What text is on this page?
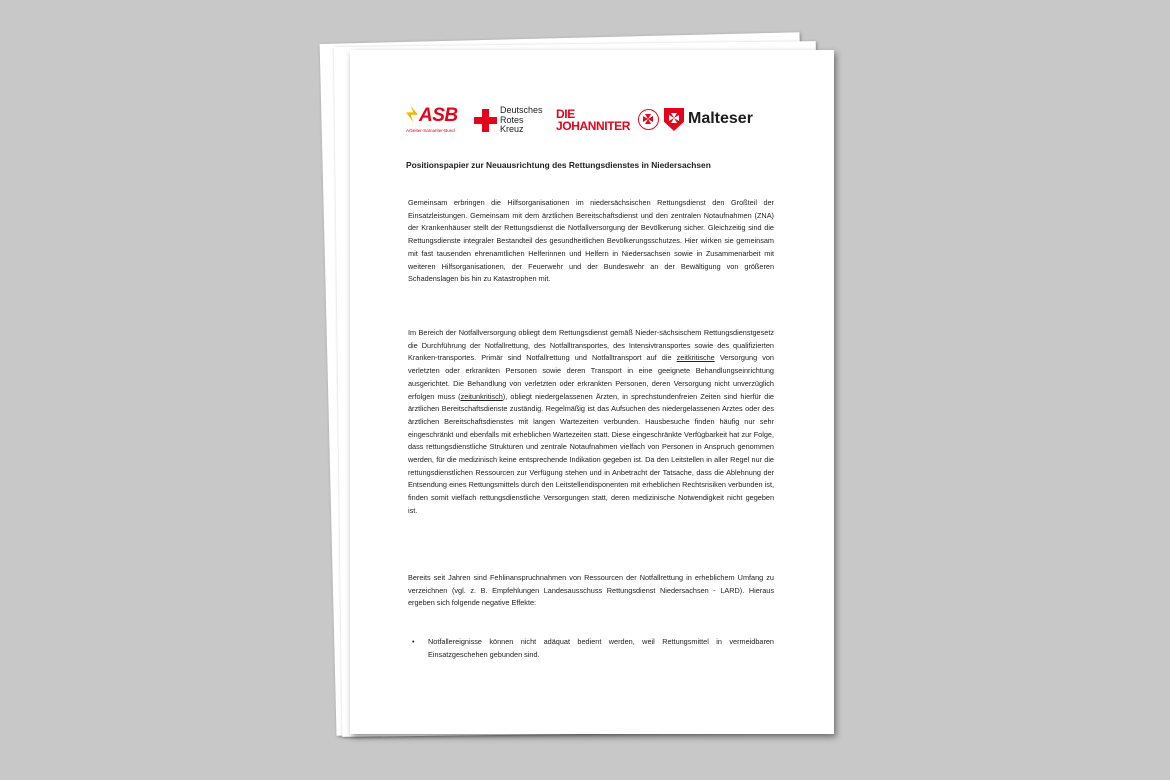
ASB
Arbeiter-Samariter-Bund
Deutsches
Rotes
Kreuz
DIE
JOHANNITER	Malteser
Positionspapier zur Neuausrichtung des Rettungsdienstes in Niedersachsen

Gemeinsam erbringen die Hilfsorganisationen im niedersächsischen Rettungsdienst den Großteil der Einsatzleistungen. Gemeinsam mit dem ärztlichen Bereitschaftsdienst und den zentralen Notaufnahmen (ZNA) der Krankenhäuser stellt der Rettungsdienst die Notfallversorgung der Bevölkerung sicher. Gleichzeitig sind die Rettungsdienste integraler Bestandteil des gesundheitlichen Bevölkerungsschutzes. Hier wirken sie gemeinsam mit fast tausenden ehrenamtlichen Helferinnen und Helfern in Niedersachsen sowie in Zusammenarbeit mit weiteren Hilfsorganisationen, der Feuerwehr und der Bundeswehr an der Bewältigung von größeren Schadenslagen bis hin zu Katastrophen mit.

Im Bereich der Notfallversorgung obliegt dem Rettungsdienst gemäß Nieder-sächsischem Rettungsdienstgesetz die Durchführung der Notfallrettung, des Notfalltransportes, des Intensivtransportes sowie des qualifizierten Kranken-transportes. Primär sind Notfallrettung und Notfalltransport auf die zeitkritische Versorgung von verletzten oder erkrankten Personen sowie deren Transport in eine geeignete Behandlungseinrichtung ausgerichtet. Die Behandlung von verletzten oder erkrankten Personen, deren Versorgung nicht unverzüglich erfolgen muss (zeitunkritisch), obliegt niedergelassenen Ärzten, in sprechstundenfreien Zeiten sind hierfür die ärztlichen Bereitschaftsdienste zuständig. Regelmäßig ist das Aufsuchen des niedergelassenen Arztes oder des ärztlichen Bereitschaftsdienstes mit langen Wartezeiten verbunden. Hausbesuche finden häufig nur sehr eingeschränkt und ebenfalls mit erheblichen Wartezeiten statt. Diese eingeschränkte Verfügbarkeit hat zur Folge, dass rettungsdienstliche Strukturen und zentrale Notaufnahmen vielfach von Personen in Anspruch genommen werden, für die medizinisch keine entsprechende Indikation gegeben ist. Da den Leitstellen in aller Regel nur die rettungsdienstlichen Ressourcen zur Verfügung stehen und in Anbetracht der Tatsache, dass die Ablehnung der Entsendung eines Rettungsmittels durch den Leitstellendisponenten mit erheblichen Rechtsrisiken verbunden ist, finden somit vielfach rettungsdienstliche Versorgungen statt, deren medizinische Notwendigkeit nicht gegeben ist.

Bereits seit Jahren sind Fehlinanspruchnahmen von Ressourcen der Notfallrettung in erheblichem Umfang zu verzeichnen (vgl. z. B. Empfehlungen Landesausschuss Rettungsdienst Niedersachsen - LARD). Hieraus ergeben sich folgende negative Effekte:

• Notfallereignisse können nicht adäquat bedient werden, weil Rettungsmittel in vermeidbaren Einsatzgeschehen gebunden sind.
